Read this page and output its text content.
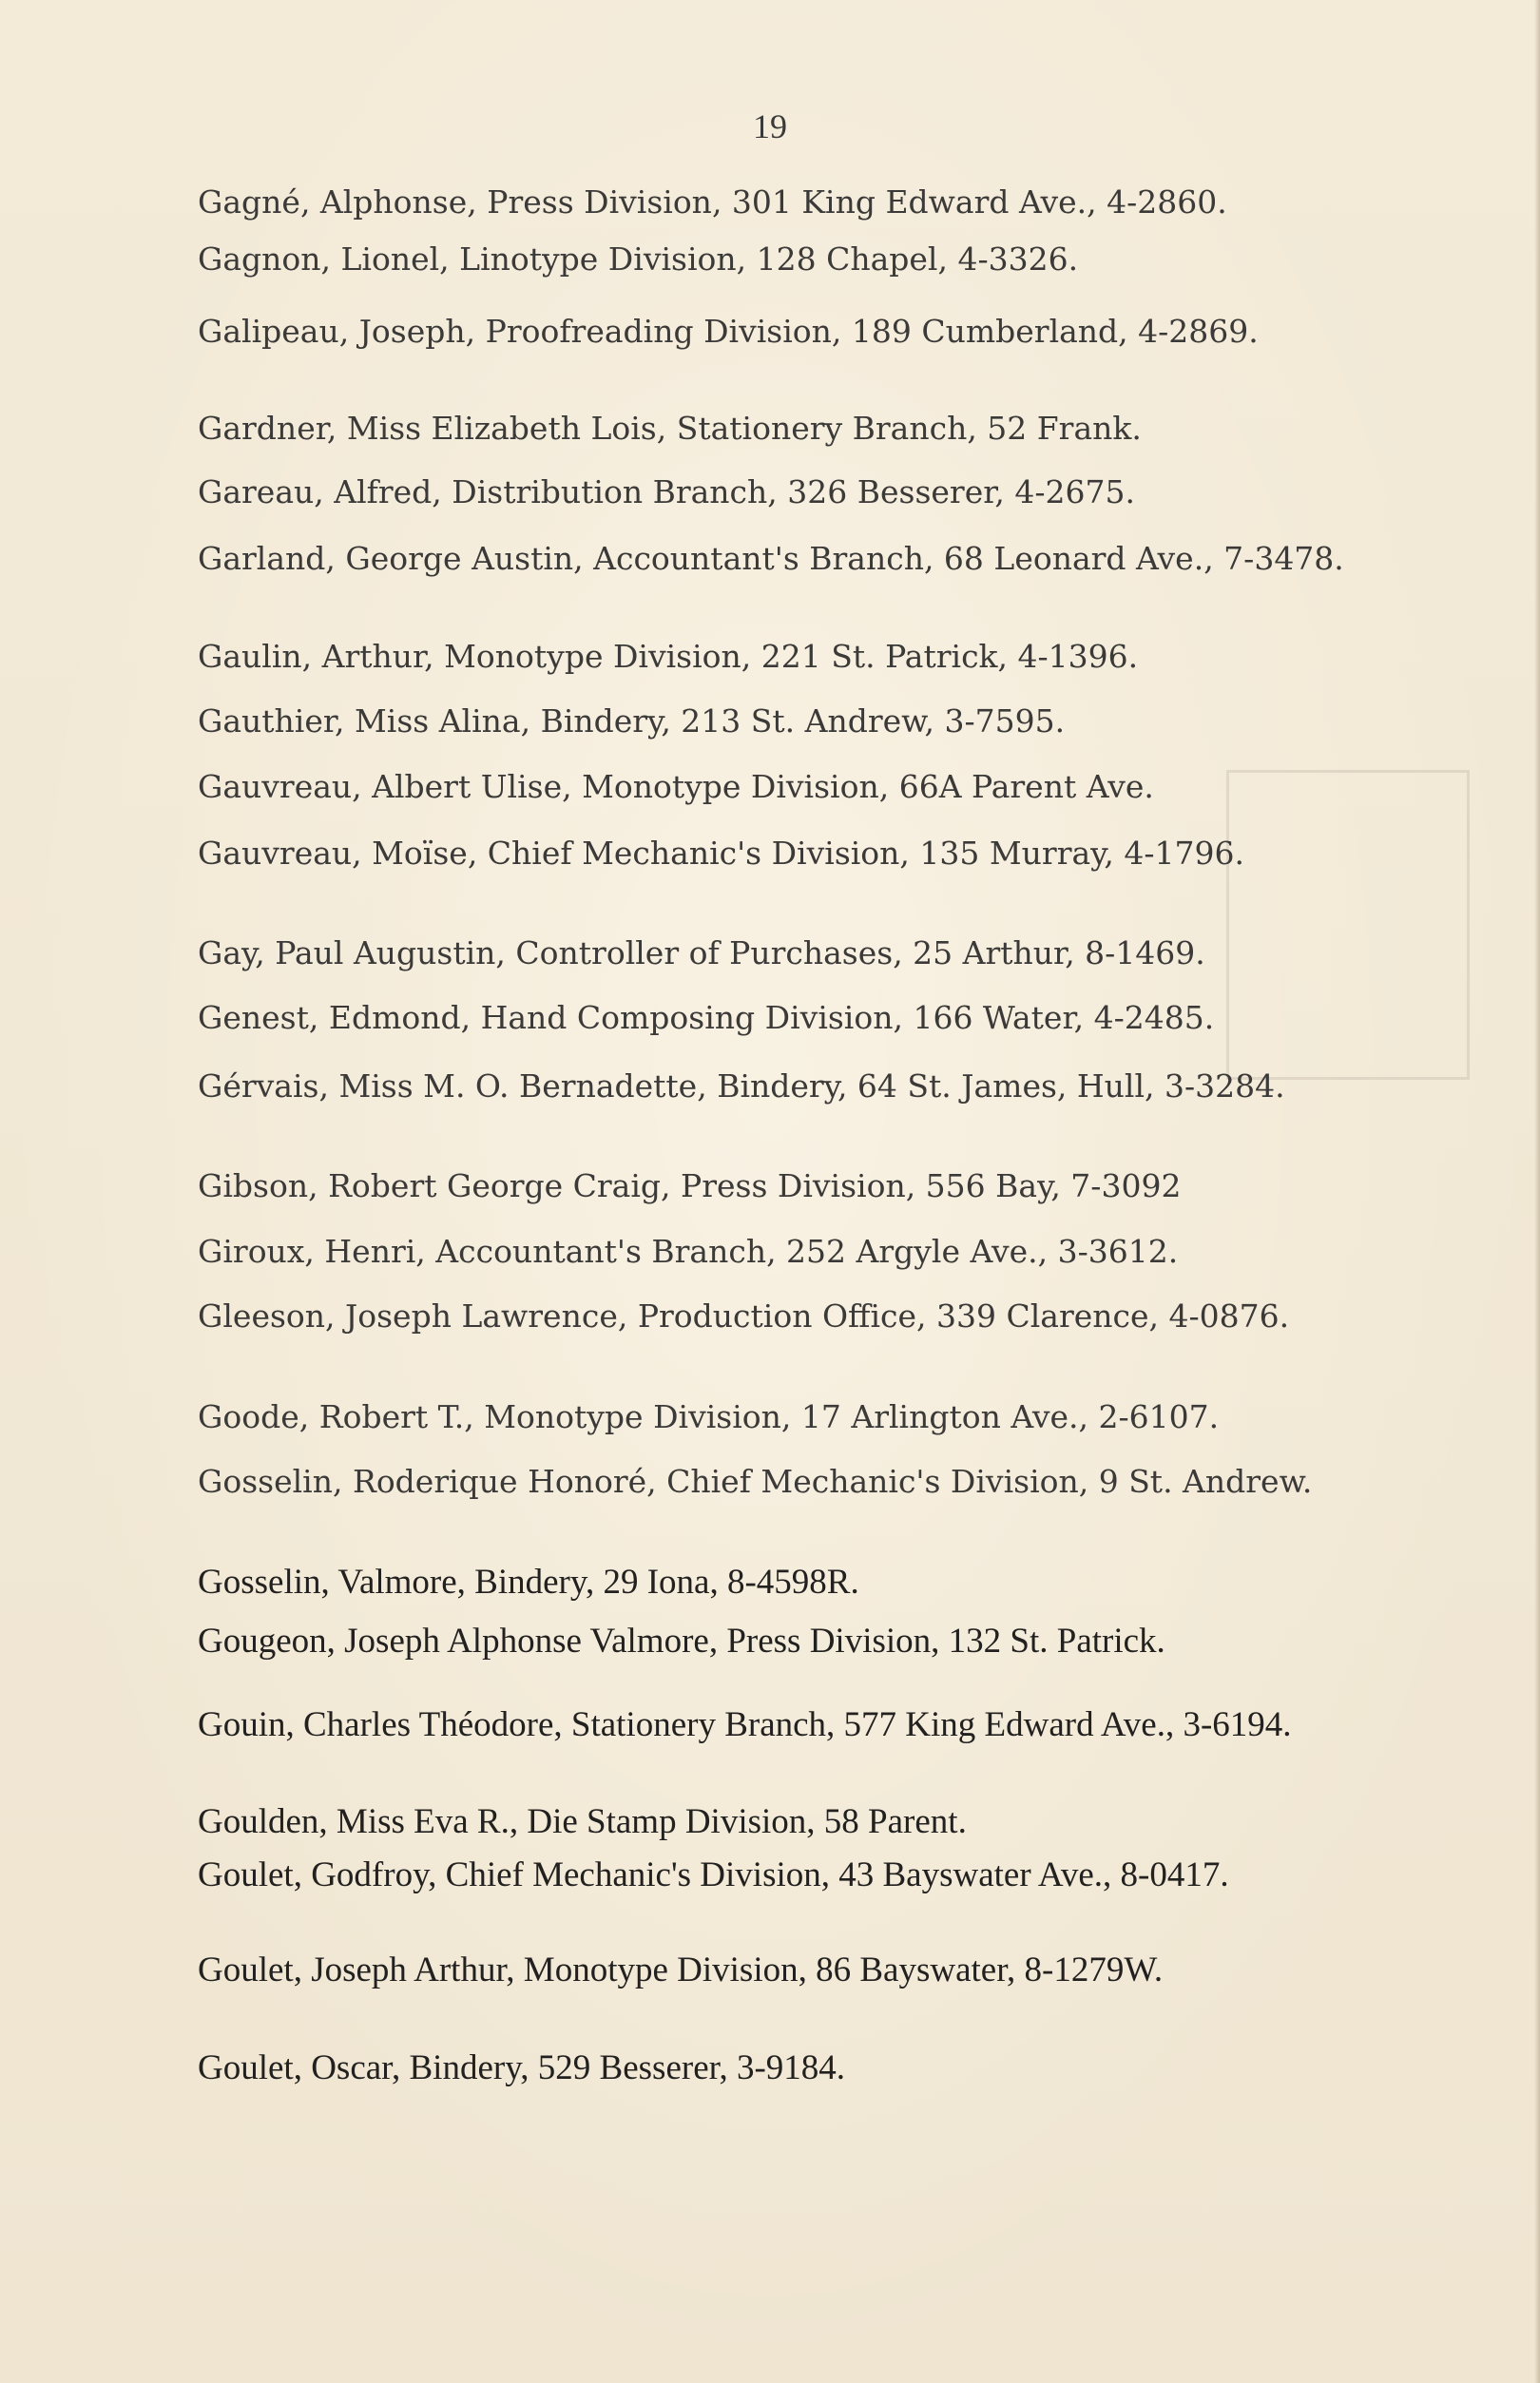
19

Gagné, Alphonse, Press Division, 301 King Edward Ave., 4-2860.

Gagnon, Lionel, Linotype Division, 128 Chapel, 4-3326.

Galipeau, Joseph, Proofreading Division, 189 Cumberland, 4-2869.

Gardner, Miss Elizabeth Lois, Stationery Branch, 52 Frank.

Gareau, Alfred, Distribution Branch, 326 Besserer, 4-2675.

Garland, George Austin, Accountant's Branch, 68 Leonard Ave., 7-3478.

Gaulin, Arthur, Monotype Division, 221 St. Patrick, 4-1396.

Gauthier, Miss Alina, Bindery, 213 St. Andrew, 3-7595.

Gauvreau, Albert Ulise, Monotype Division, 66A Parent Ave.

Gauvreau, Moïse, Chief Mechanic's Division, 135 Murray, 4-1796.

Gay, Paul Augustin, Controller of Purchases, 25 Arthur, 8-1469.

Genest, Edmond, Hand Composing Division, 166 Water, 4-2485.

Gérvais, Miss M. O. Bernadette, Bindery, 64 St. James, Hull, 3-3284.

Gibson, Robert George Craig, Press Division, 556 Bay, 7-3092

Giroux, Henri, Accountant's Branch, 252 Argyle Ave., 3-3612.

Gleeson, Joseph Lawrence, Production Office, 339 Clarence, 4-0876.

Goode, Robert T., Monotype Division, 17 Arlington Ave., 2-6107.

Gosselin, Roderique Honoré, Chief Mechanic's Division, 9 St. Andrew.

Gosselin, Valmore, Bindery, 29 Iona, 8-4598R.

Gougeon, Joseph Alphonse Valmore, Press Division, 132 St. Patrick.

Gouin, Charles Théodore, Stationery Branch, 577 King Edward Ave., 3-6194.

Goulden, Miss Eva R., Die Stamp Division, 58 Parent.

Goulet, Godfroy, Chief Mechanic's Division, 43 Bayswater Ave., 8-0417.

Goulet, Joseph Arthur, Monotype Division, 86 Bayswater, 8-1279W.

Goulet, Oscar, Bindery, 529 Besserer, 3-9184.
